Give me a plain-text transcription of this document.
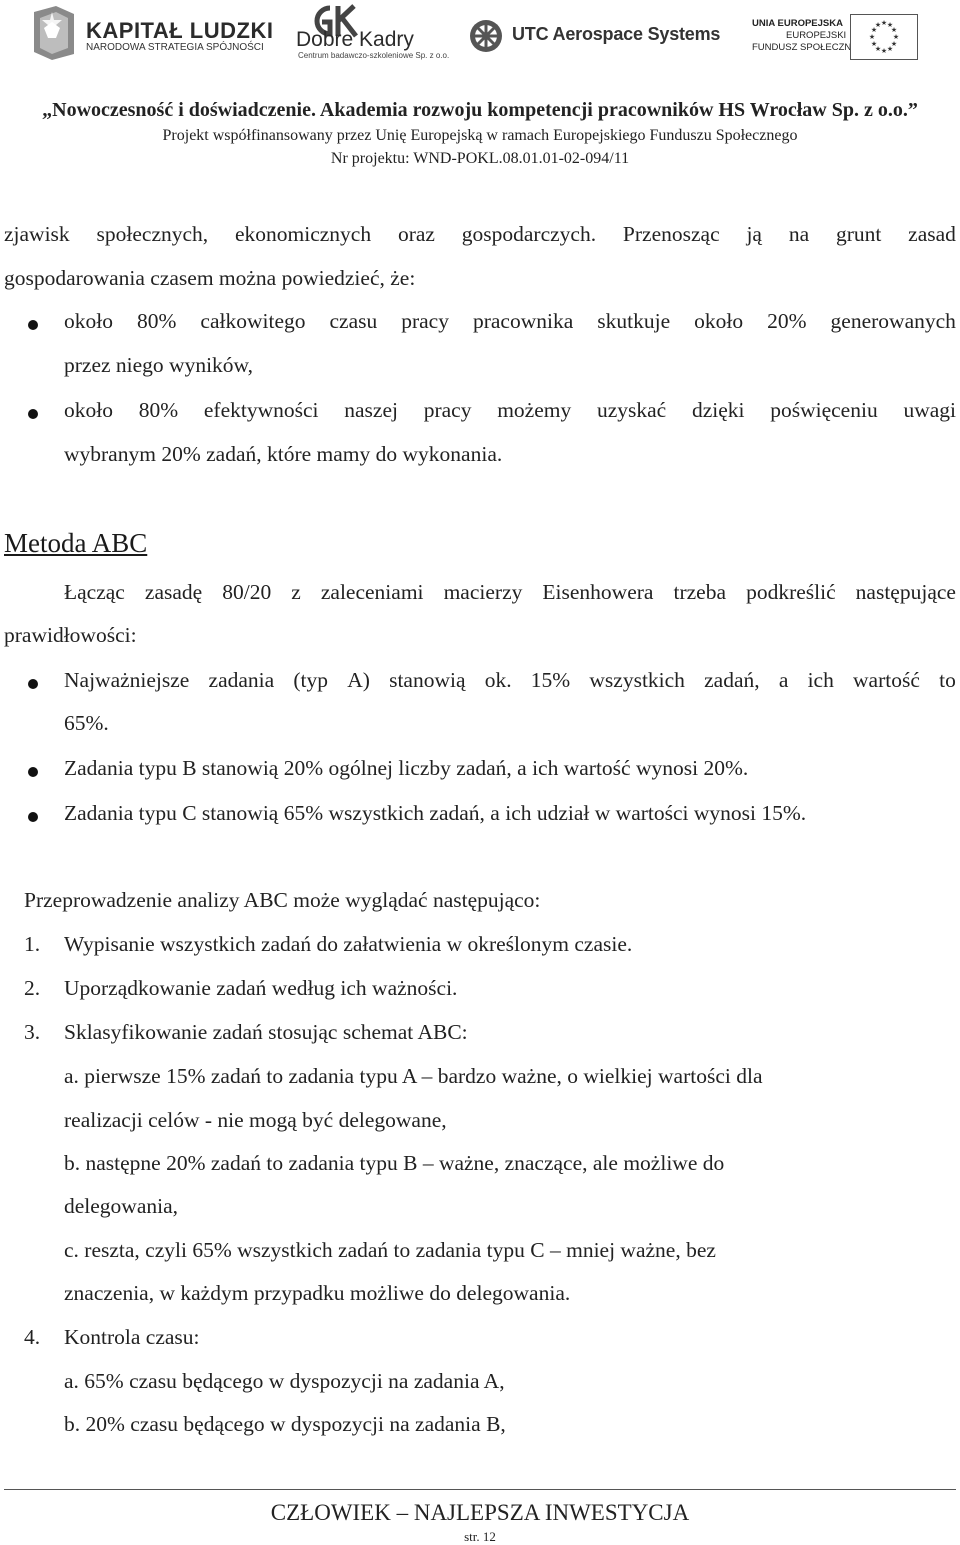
KAPITAŁ LUDZKI
NARODOWA STRATEGIA SPÓJNOŚCI Dobre Kadry
Centrum badawczo-szkoleniowe Sp. z o.o.
UTC Aerospace Systems
UNIA EUROPEJSKA
EUROPEJSKI
FUNDUSZ SPOŁECZNY
★ ★
★
★
★
★
★
★
★
★
★
★
„Nowoczesność i doświadczenie. Akademia rozwoju kompetencji pracowników HS Wrocław Sp. z o.o.”
Projekt współfinansowany przez Unię Europejską w ramach Europejskiego Funduszu Społecznego
Nr projektu: WND-POKL.08.01.01-02-094/11
zjawisk społecznych, ekonomicznych oraz gospodarczych. Przenosząc ją na grunt zasad
gospodarowania czasem można powiedzieć, że:
około 80% całkowitego czasu pracy pracownika skutkuje około 20% generowanych
przez niego wyników,
około 80% efektywności naszej pracy możemy uzyskać dzięki poświęceniu uwagi
wybranym 20% zadań, które mamy do wykonania.
Metoda ABC
Łącząc zasadę 80/20 z zaleceniami macierzy Eisenhowera trzeba podkreślić następujące
prawidłowości:
Najważniejsze zadania (typ A) stanowią ok. 15% wszystkich zadań, a ich wartość to
65%.
Zadania typu B stanowią 20% ogólnej liczby zadań, a ich wartość wynosi 20%.
Zadania typu C stanowią 65% wszystkich zadań, a ich udział w wartości wynosi 15%.
Przeprowadzenie analizy ABC może wyglądać następująco:
1. Wypisanie wszystkich zadań do załatwienia w określonym czasie.
2. Uporządkowanie zadań według ich ważności.
3. Sklasyfikowanie zadań stosując schemat ABC:
a. pierwsze 15% zadań to zadania typu A – bardzo ważne, o wielkiej wartości dla
realizacji celów - nie mogą być delegowane,
b. następne 20% zadań to zadania typu B – ważne, znaczące, ale możliwe do
delegowania,
c. reszta, czyli 65% wszystkich zadań to zadania typu C – mniej ważne, bez
znaczenia, w każdym przypadku możliwe do delegowania.
4. Kontrola czasu:
a. 65% czasu będącego w dyspozycji na zadania A,
b. 20% czasu będącego w dyspozycji na zadania B,
CZŁOWIEK – NAJLEPSZA INWESTYCJA
str. 12
